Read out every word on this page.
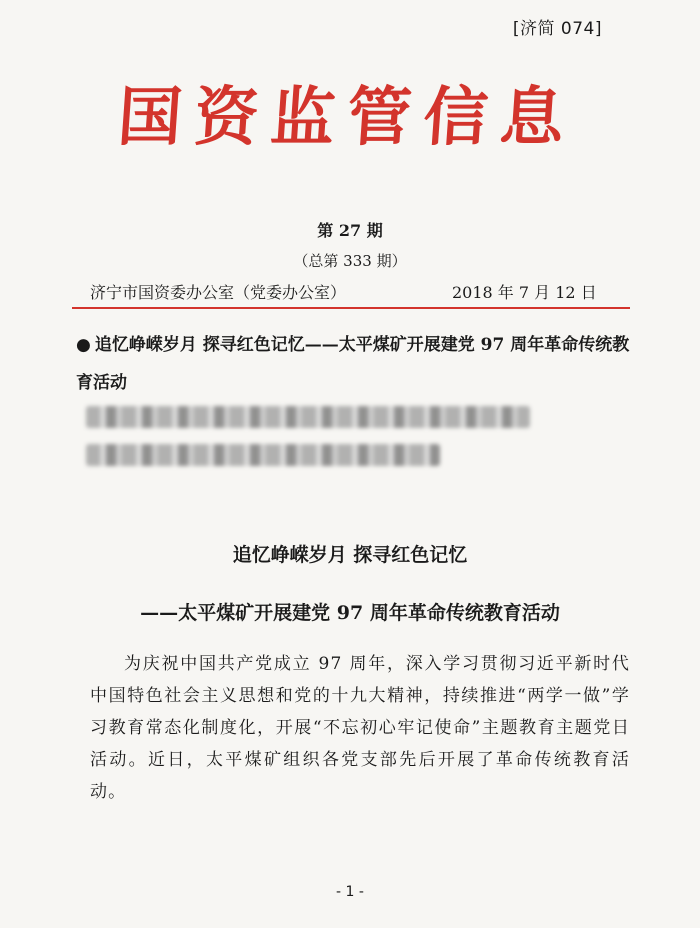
[济简 074]
国 资 监 管 信 息
第 27 期
（总第 333 期）
济宁市国资委办公室（党委办公室）	2018 年 7 月 12 日
● 追忆峥嵘岁月 探寻红色记忆——太平煤矿开展建党 97 周年革命传统教育活动
追忆峥嵘岁月 探寻红色记忆
——太平煤矿开展建党 97 周年革命传统教育活动
为庆祝中国共产党成立 97 周年，深入学习贯彻习近平新时代中国特色社会主义思想和党的十九大精神，持续推进“两学一做”学习教育常态化制度化，开展“不忘初心牢记使命”主题教育主题党日活动。近日，太平煤矿组织各党支部先后开展了革命传统教育活动。
- 1 -
